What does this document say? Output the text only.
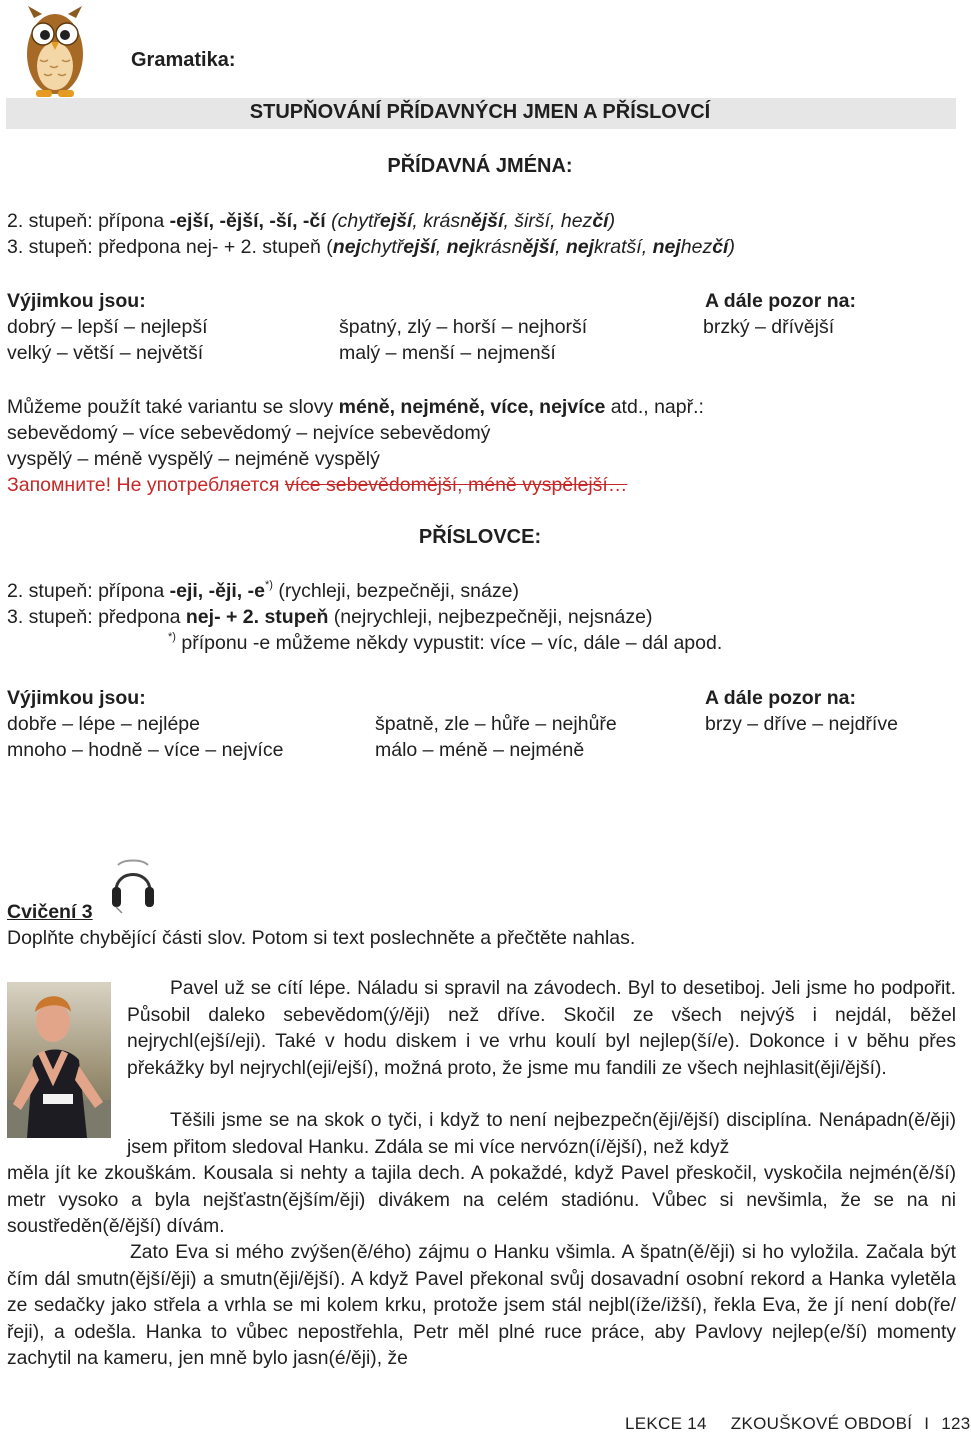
Gramatika:
STUPŇOVÁNÍ PŘÍDAVNÝCH JMEN A PŘÍSLOVCÍ
PŘÍDAVNÁ JMÉNA:
2. stupeň: přípona -ejší, -ější, -ší, -čí (chytřejší, krásnější, širší, hezčí)
3. stupeň: předpona nej- + 2. stupeň (nejchytřejší, nejkrásnější, nejkratší, nejhezčí)
Výjimkou jsou:	A dále pozor na:
dobrý – lepší – nejlepší
velký – větší – největší
špatný, zlý – horší – nejhorší
malý – menší – nejmenší
brzký – dřívější
Můžeme použít také variantu se slovy méně, nejméně, více, nejvíce atd., např.:
sebevědomý – více sebevědomý – nejvíce sebevědomý
vyspělý – méně vyspělý – nejméně vyspělý
Запомните! Не употребляется více sebevědomější, méně vyspělejší…
PŘÍSLOVCE:
2. stupeň: přípona -eji, -ěji, -e*) (rychleji, bezpečněji, snáze)
3. stupeň: předpona nej- + 2. stupeň (nejrychleji, nejbezpečněji, nejsnáze)
*) příponu -e můžeme někdy vypustit: více – víc, dále – dál apod.
Výjimkou jsou:	A dále pozor na:
dobře – lépe – nejlépe
mnoho – hodně – více – nejvíce
špatně, zle – hůře – nejhůře
málo – méně – nejméně
brzy – dříve – nejdříve
Cvičení 3
Doplňte chybějící části slov. Potom si text poslechněte a přečtěte nahlas.
Pavel už se cítí lépe. Náladu si spravil na závodech. Byl to desetiboj. Jeli jsme ho podpořit. Působil daleko sebevědom(ý/ěji) než dříve. Skočil ze všech nejvýš i nejdál, běžel nejrychl(ejší/eji). Také v hodu diskem i ve vrhu koulí byl nejlep(ší/e). Dokonce i v běhu přes překážky byl nejrychl(eji/ejší), možná proto, že jsme mu fandili ze všech nejhlasit(ěji/ější).
Těšili jsme se na skok o tyči, i když to není nejbezpečn(ěji/ější) disciplína. Nenápadn(ě/ěji) jsem přitom sledoval Hanku. Zdála se mi více nervózn(í/ější), než když
měla jít ke zkouškám. Kousala si nehty a tajila dech. A pokaždé, když Pavel přeskočil, vyskočila nejmén(ě/ší) metr vysoko a byla nejšťastn(ějším/ěji) divákem na celém stadiónu. Vůbec si nevšimla, že se na ni soustředěn(ě/ější) dívám.
Zato Eva si mého zvýšen(ě/ého) zájmu o Hanku všimla. A špatn(ě/ěji) si ho vyložila. Začala být čím dál smutn(ější/ěji) a smutn(ěji/ější). A když Pavel překonal svůj dosavadní osobní rekord a Hanka vyletěla ze sedačky jako střela a vrhla se mi kolem krku, protože jsem stál nejbl(íže/ižší), řekla Eva, že jí není dob(ře/řeji), a odešla. Hanka to vůbec nepostřehla, Petr měl plné ruce práce, aby Pavlovy nejlep(e/ší) momenty zachytil na kameru, jen mně bylo jasn(é/ěji), že
LEKCE 14 ZKOUŠKOVÉ OBDOBÍ I 123
